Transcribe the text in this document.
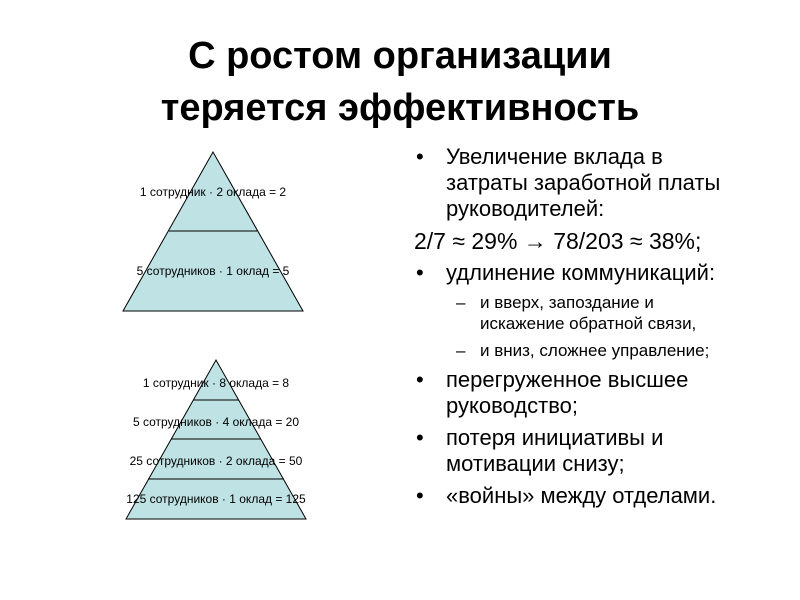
С ростом организации
теряется эффективность
1 сотрудник · 2 оклада = 2
5 сотрудников · 1 оклад = 5
1 сотрудник · 8 оклада = 8
5 сотрудников · 4 оклада = 20
25 сотрудников · 2 оклада = 50
125 сотрудников · 1 оклад = 125
• Увеличение вклада в затраты заработной платы руководителей:
2/7 ≈ 29% → 78/203 ≈ 38%;
• удлинение коммуникаций:
– и вверх, запоздание и искажение обратной связи,
– и вниз, сложнее управление;
• перегруженное высшее руководство;
• потеря инициативы и мотивации снизу;
• «войны» между отделами.
